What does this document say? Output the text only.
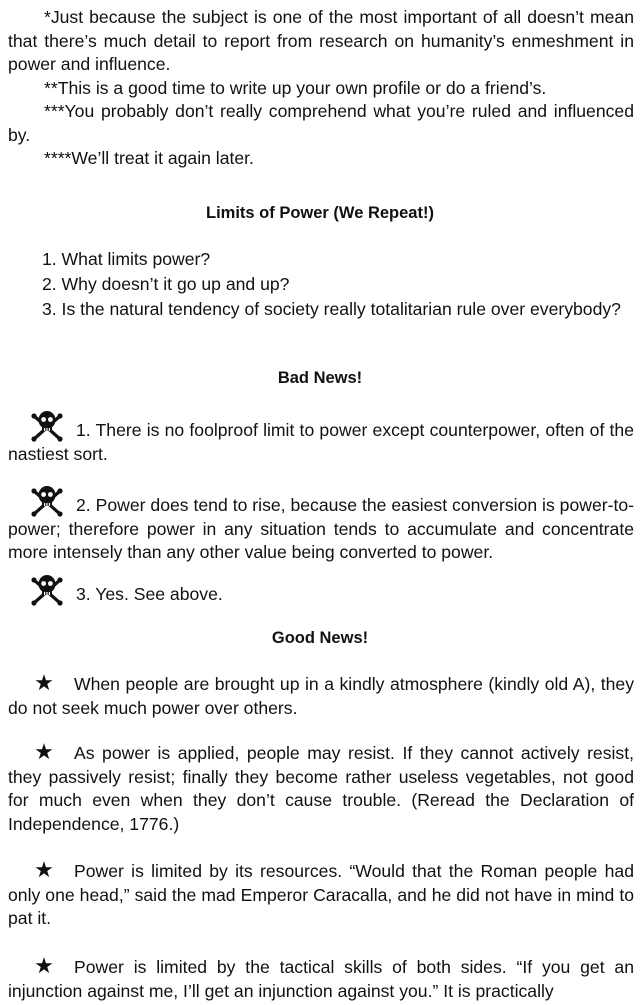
*Just because the subject is one of the most important of all doesn’t mean that there’s much detail to report from research on humanity’s enmeshment in power and influence.

**This is a good time to write up your own profile or do a friend’s.

***You probably don’t really comprehend what you’re ruled and influenced by.

****We’ll treat it again later.

Limits of Power (We Repeat!)

1. What limits power?

2. Why doesn’t it go up and up?

3. Is the natural tendency of society really totalitarian rule over everybody?

Bad News!

1. There is no foolproof limit to power except counterpower, often of the nastiest sort.

2. Power does tend to rise, because the easiest conversion is power-to-power; therefore power in any situation tends to accumulate and concentrate more intensely than any other value being converted to power.

3. Yes. See above.

Good News!

★ When people are brought up in a kindly atmosphere (kindly old A), they do not seek much power over others.

★ As power is applied, people may resist. If they cannot actively resist, they passively resist; finally they become rather useless vegetables, not good for much even when they don’t cause trouble. (Reread the Declaration of Independence, 1776.)

★ Power is limited by its resources. “Would that the Roman people had only one head,” said the mad Emperor Caracalla, and he did not have in mind to pat it.

★ Power is limited by the tactical skills of both sides. “If you get an injunction against me, I’ll get an injunction against you.” It is practically
